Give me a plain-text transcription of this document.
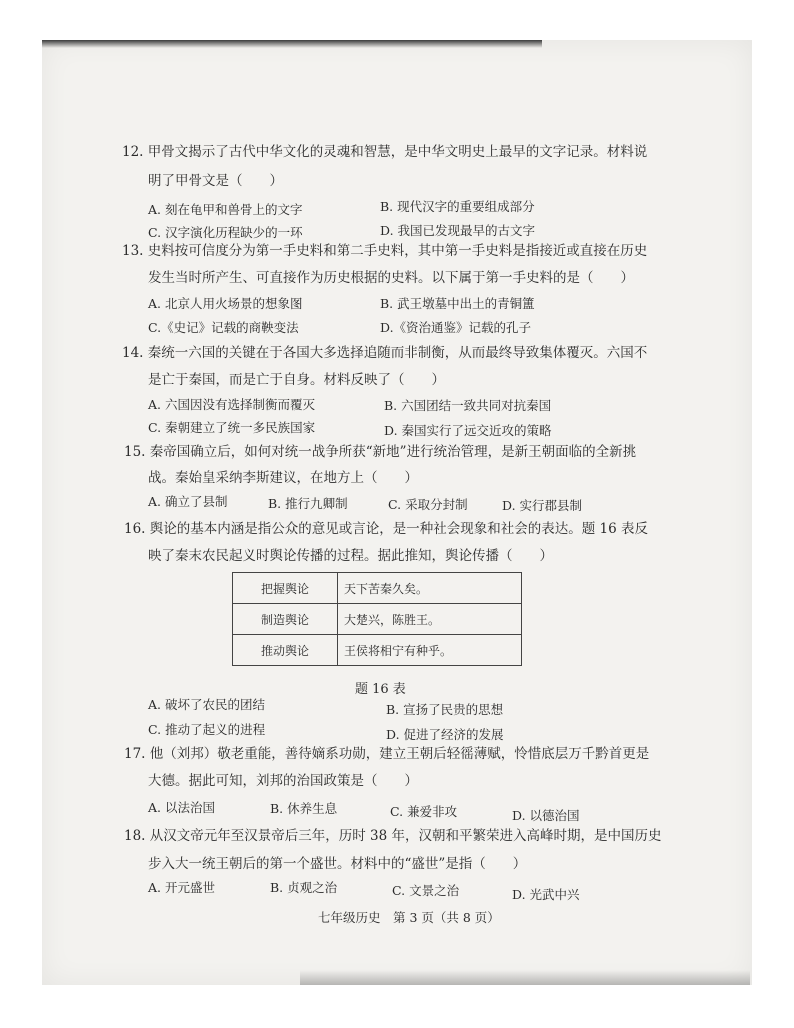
12. 甲骨文揭示了古代中华文化的灵魂和智慧，是中华文明史上最早的文字记录。材料说
明了甲骨文是（　　）
A. 刻在龟甲和兽骨上的文字	B. 现代汉字的重要组成部分
C. 汉字演化历程缺少的一环	D. 我国已发现最早的古文字
13. 史料按可信度分为第一手史料和第二手史料，其中第一手史料是指接近或直接在历史
发生当时所产生、可直接作为历史根据的史料。以下属于第一手史料的是（　　）
A. 北京人用火场景的想象图	B. 武王墩墓中出土的青铜簠
C.《史记》记载的商鞅变法	D.《资治通鉴》记载的孔子
14. 秦统一六国的关键在于各国大多选择追随而非制衡，从而最终导致集体覆灭。六国不
是亡于秦国，而是亡于自身。材料反映了（　　）
A. 六国因没有选择制衡而覆灭	B. 六国团结一致共同对抗秦国
C. 秦朝建立了统一多民族国家	D. 秦国实行了远交近攻的策略
15. 秦帝国确立后，如何对统一战争所获“新地”进行统治管理，是新王朝面临的全新挑
战。秦始皇采纳李斯建议，在地方上（　　）
A. 确立了县制	B. 推行九卿制	C. 采取分封制	D. 实行郡县制
16. 舆论的基本内涵是指公众的意见或言论，是一种社会现象和社会的表达。题 16 表反
映了秦末农民起义时舆论传播的过程。据此推知，舆论传播（　　）
把握舆论	天下苦秦久矣。
制造舆论	大楚兴，陈胜王。
推动舆论	王侯将相宁有种乎。
题 16 表
A. 破坏了农民的团结	B. 宣扬了民贵的思想
C. 推动了起义的进程	D. 促进了经济的发展
17. 他（刘邦）敬老重能，善待嫡系功勋，建立王朝后轻徭薄赋，怜惜底层万千黔首更是
大德。据此可知，刘邦的治国政策是（　　）
A. 以法治国	B. 休养生息	C. 兼爱非攻	D. 以德治国
18. 从汉文帝元年至汉景帝后三年，历时 38 年，汉朝和平繁荣进入高峰时期，是中国历史
步入大一统王朝后的第一个盛世。材料中的“盛世”是指（　　）
A. 开元盛世	B. 贞观之治	C. 文景之治	D. 光武中兴
七年级历史　第 3 页（共 8 页）
